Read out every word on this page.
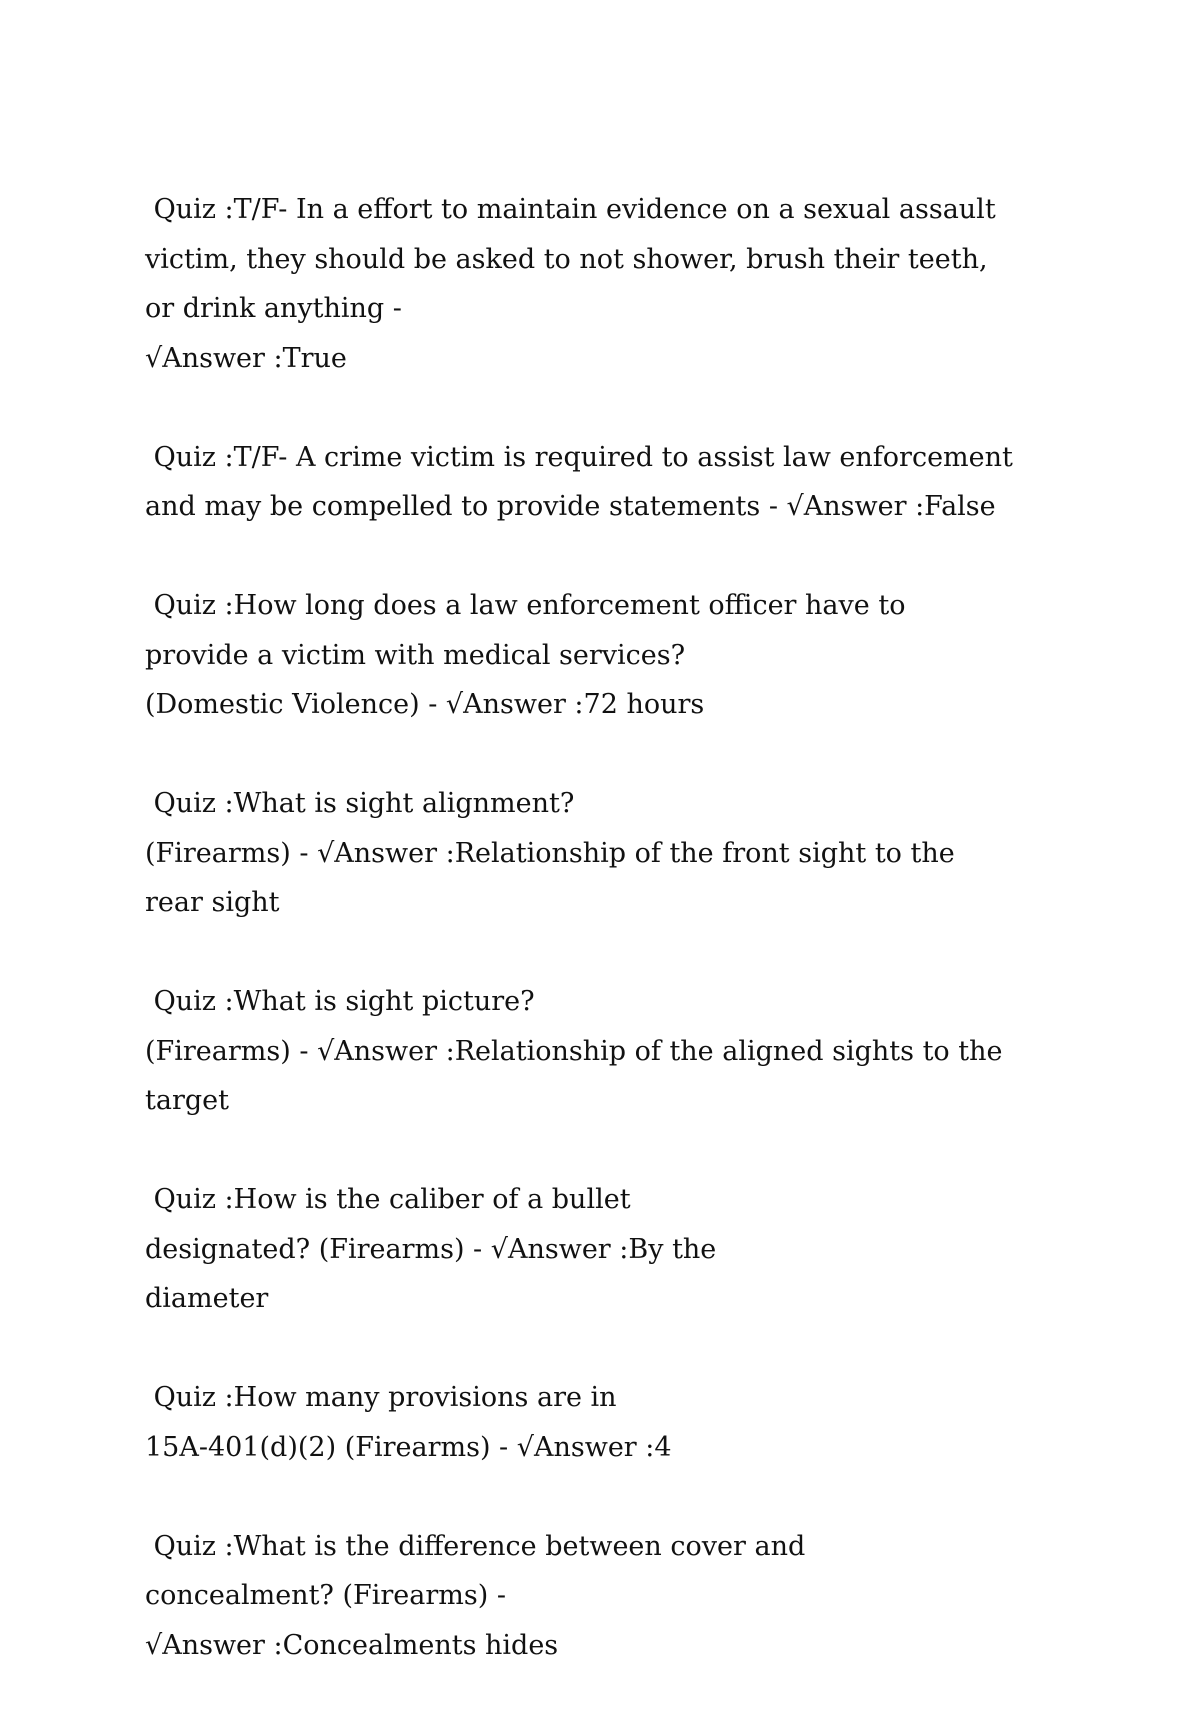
Quiz :T/F- In a effort to maintain evidence on a sexual assault
victim, they should be asked to not shower, brush their teeth,
or drink anything -
√Answer :True
Quiz :T/F- A crime victim is required to assist law enforcement
and may be compelled to provide statements - √Answer :False
Quiz :How long does a law enforcement officer have to
provide a victim with medical services?
(Domestic Violence) - √Answer :72 hours
Quiz :What is sight alignment?
(Firearms) - √Answer :Relationship of the front sight to the
rear sight
Quiz :What is sight picture?
(Firearms) - √Answer :Relationship of the aligned sights to the
target
Quiz :How is the caliber of a bullet
designated? (Firearms) - √Answer :By the
diameter
Quiz :How many provisions are in
15A-401(d)(2) (Firearms) - √Answer :4
Quiz :What is the difference between cover and
concealment? (Firearms) -
√Answer :Concealments hides
